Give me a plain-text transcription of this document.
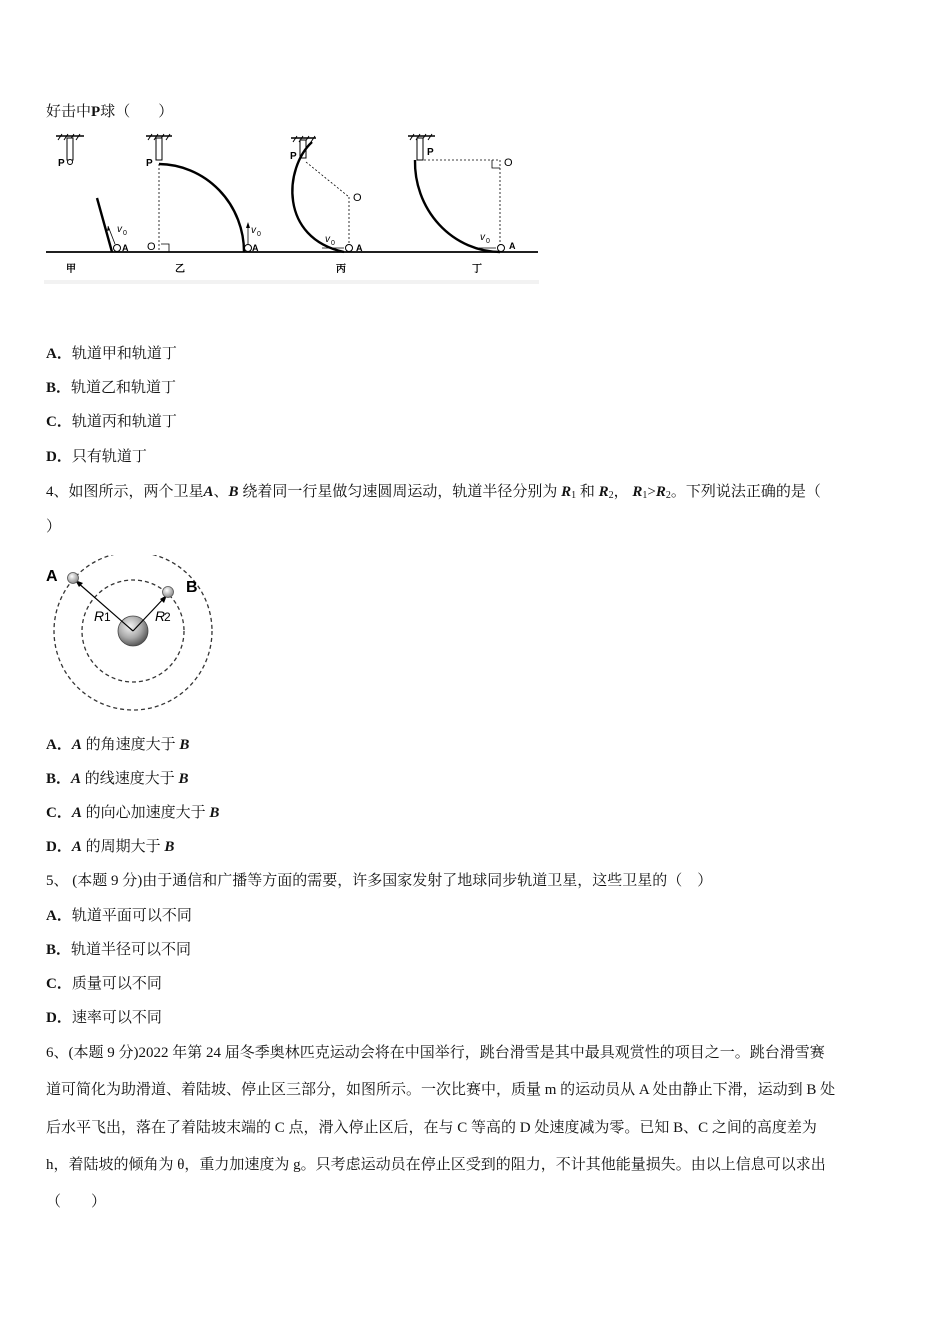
好击中P球（ ）
P
v 0
A
甲
P
O
v 0
A
乙
P
O
v 0 A
丙
P
O
v 0 A
丁
A．轨道甲和轨道丁
B．轨道乙和轨道丁
C．轨道丙和轨道丁
D．只有轨道丁
4、如图所示，两个卫星A、B 绕着同一行星做匀速圆周运动，轨道半径分别为 $R_1$ 和 $R_2$， $R_1>R_2$。下列说法正确的是（
）
A
B
R 1	R
2
A．A 的角速度大于 B
B．A 的线速度大于 B
C．A 的向心加速度大于 B
D．A 的周期大于 B
5、 (本题 9 分)由于通信和广播等方面的需要，许多国家发射了地球同步轨道卫星，这些卫星的（　）
A．轨道平面可以不同
B．轨道半径可以不同
C．质量可以不同
D．速率可以不同
6、(本题 9 分)2022 年第 24 届冬季奥林匹克运动会将在中国举行，跳台滑雪是其中最具观赏性的项目之一。跳台滑雪赛
道可简化为助滑道、着陆坡、停止区三部分，如图所示。一次比赛中，质量 m 的运动员从 A 处由静止下滑，运动到 B 处
后水平飞出，落在了着陆坡末端的 C 点，滑入停止区后，在与 C 等高的 D 处速度减为零。已知 B、C 之间的高度差为
h，着陆坡的倾角为 θ，重力加速度为 g。只考虑运动员在停止区受到的阻力，不计其他能量损失。由以上信息可以求出
（　　）
